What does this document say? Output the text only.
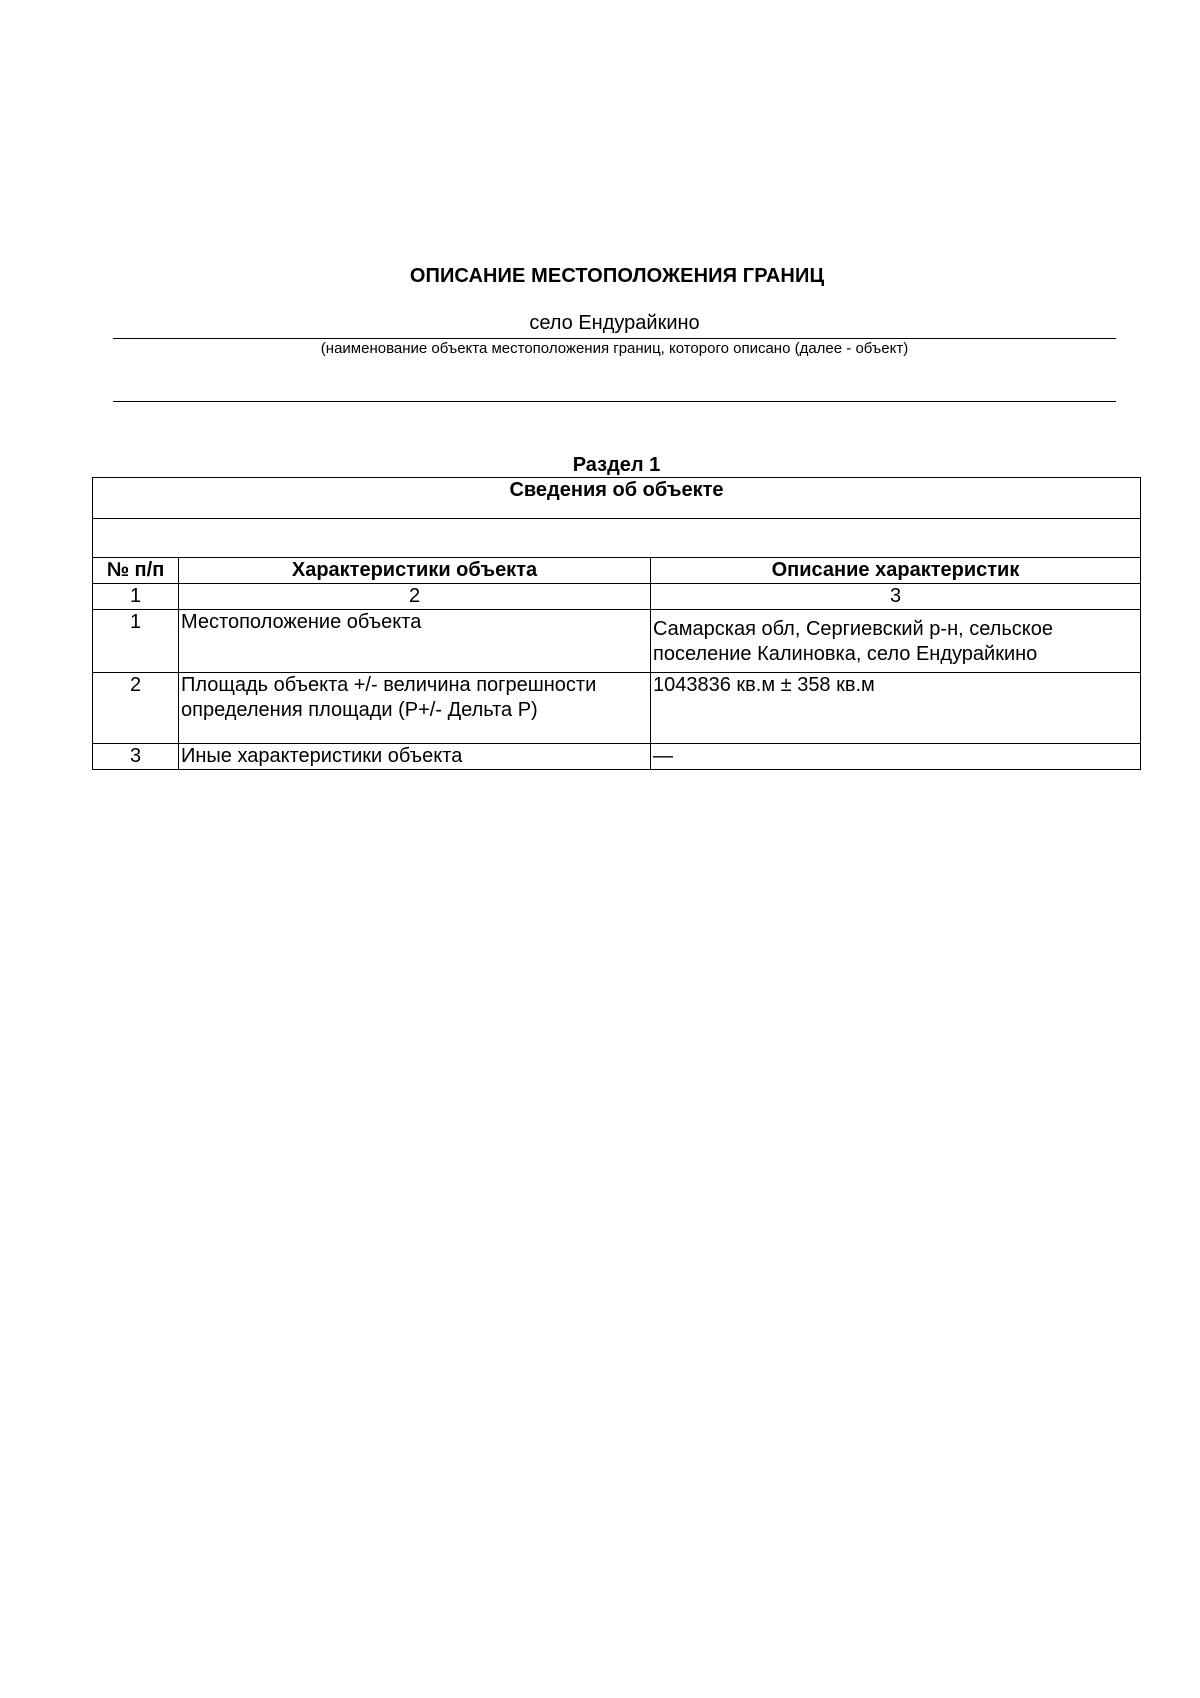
ОПИСАНИЕ МЕСТОПОЛОЖЕНИЯ ГРАНИЦ
село Ендурайкино
(наименование объекта местоположения границ, которого описано (далее - объект)
Раздел 1
Сведения об объекте		

№ п/п	Характеристики объекта	Описание характеристик
1	2	3
1	Местоположение объекта	Самарская обл, Сергиевский р-н, сельское поселение Калиновка, село Ендурайкино
2	Площадь объекта +/- величина погрешности определения площади (P+/- Дельта P)	1043836 кв.м ± 358 кв.м
3	Иные характеристики объекта	—
